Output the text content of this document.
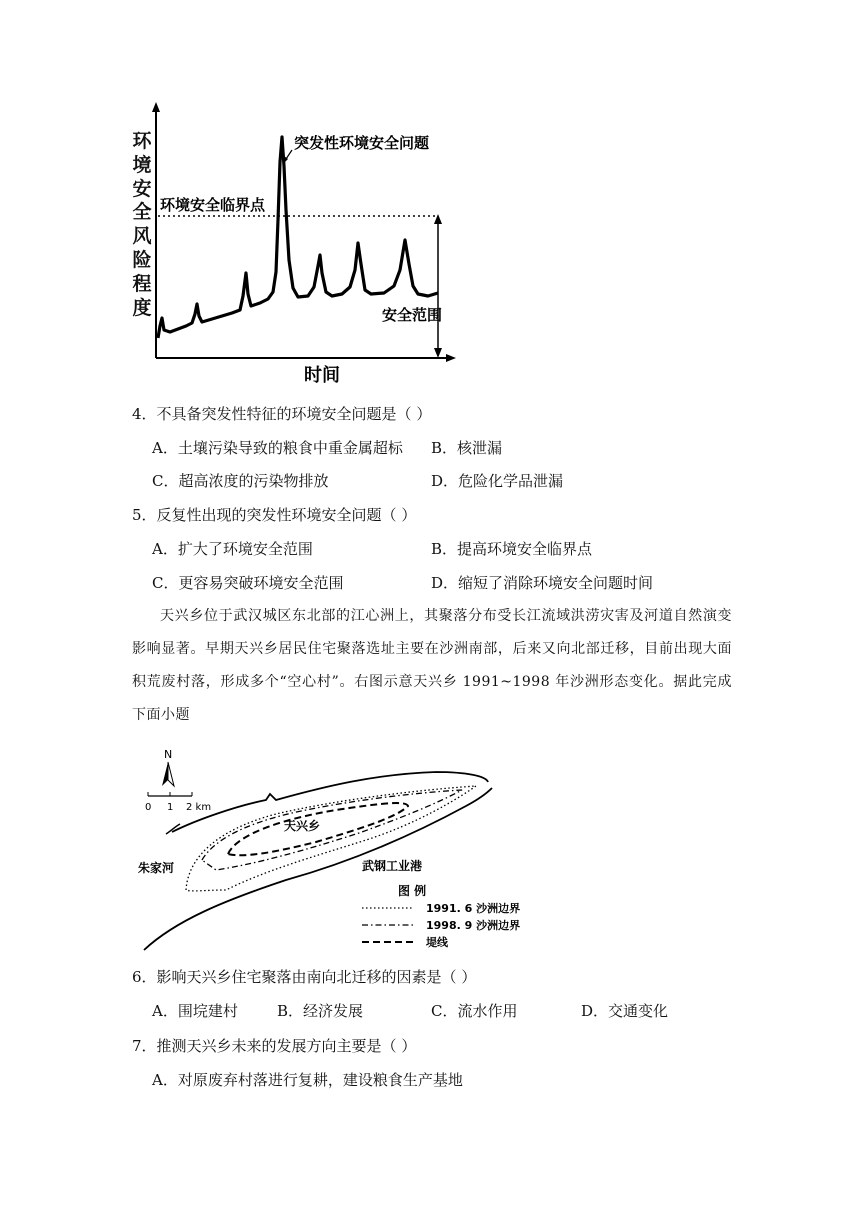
环
境
安
全
风
险
程
度
突发性环境安全问题
环境安全临界点
安全范围
时间
4．不具备突发性特征的环境安全问题是（ ）
A．土壤污染导致的粮食中重金属超标 B．核泄漏
C．超高浓度的污染物排放	D．危险化学品泄漏
5．反复性出现的突发性环境安全问题（ ）
A．扩大了环境安全范围	B．提高环境安全临界点
C．更容易突破环境安全范围	D．缩短了消除环境安全问题时间
天兴乡位于武汉城区东北部的江心洲上，其聚落分布受长江流域洪涝灾害及河道自然演变影响显著。早期天兴乡居民住宅聚落选址主要在沙洲南部，后来又向北部迁移，目前出现大面积荒废村落，形成多个“空心村”。右图示意天兴乡 1991~1998 年沙洲形态变化。据此完成下面小题
N
0 1 2 km
天兴乡
朱家河	武钢工业港
图 例
1991. 6 沙洲边界
1998. 9 沙洲边界
堤线
6．影响天兴乡住宅聚落由南向北迁移的因素是（ ）
A．围垸建村	B．经济发展	C．流水作用	D．交通变化
7．推测天兴乡未来的发展方向主要是（ ）
A．对原废弃村落进行复耕，建设粮食生产基地
